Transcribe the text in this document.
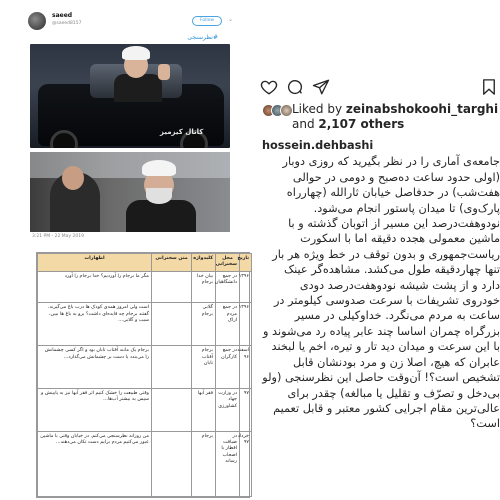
saeed
@saeed8157
Follow	⌄
#نظرسنجی
کانال کیزمیز
3:21 PM - 22 May 2019
تاریخ	محل سخنرانی	کلیدواژه	متن سخنرانی	اظهارات
۱۳۹۶	در جمع دانشگاهیان	بیان خدا برجام		مگر ما برجام را آوردیم؟ خدا برجام را آورد
۱۳۹۶	در جمع مردم اراک	گلابی برجام		است ولی امروز همه‌ی کودک ها درب باغ می‌گیرند. گفتند برجام چه فایده‌ای داشت؟ برو به باغ ها ببین، سیب و گلابی…
اسفند ۹۶	در جمع کارگران	برجام آفتاب تابان		برجام یک مانند آفتاب تابان بود و اگر کسی چشمانش را می‌بندد یا دست بر چشمانش می‌گذارد…
۹۷	در وزارت جهاد کشاورزی	فقر آبها		وقتی طبیعت را خشک کنیم اثر فقر آبها نیز به پایینش و سپس به بیشتر آب‌ها…
خرداد ۹۷	در ضیافت افطار با اصحاب رسانه	برجام		من روزانه نظرسنجی می‌کنم. در خیابان وقتی با ماشین عبور می‌کنیم مردم برایم دست تکان می‌دهند…
Liked by zeinabshokoohi_targhi and 2,107 others
hossein.dehbashi
جامعه‌ی آماری را در نظر بگیرید که روزی دوبار (اولی حدود ساعت ده‌صبح و دومی در حوالی هفت‌شب) در حدفاصل خیابان ثارالله (چهارراه پارک‌وی) تا میدان پاستور انجام می‌شود. نود‌وهفت‌درصد این مسیر از اتوبان گذشته و با ماشین معمولی هجده دقیقه اما با اسکورت ریاست‌جمهوری و بدون توقف در خط ویژه هر بار تنها چهاردقیقه طول می‌کشد. مشاهده‌گر عینک دارد و از پشت شیشه نود‌وهفت‌درصد دودی خودروی تشریفات با سرعت صدوسی کیلومتر در ساعت به مردم می‌نگرد. خداوکیلی در مسیر بزرگراه چمران اساسا چند عابر پیاده رد می‌شوند و با این سرعت و میدان دید تار و تیره، اخم یا لبخند عابران که هیچ، اصلا زن و مرد بودنشان قابل تشخیص است؟! آن‌وقت حاصل این نظرسنجی (ولو بی‌دخل و تصرّف و تقلیل یا مبالغه) چقدر برای عالی‌ترین مقام اجرایی کشور معتبر و قابل تعمیم است؟
